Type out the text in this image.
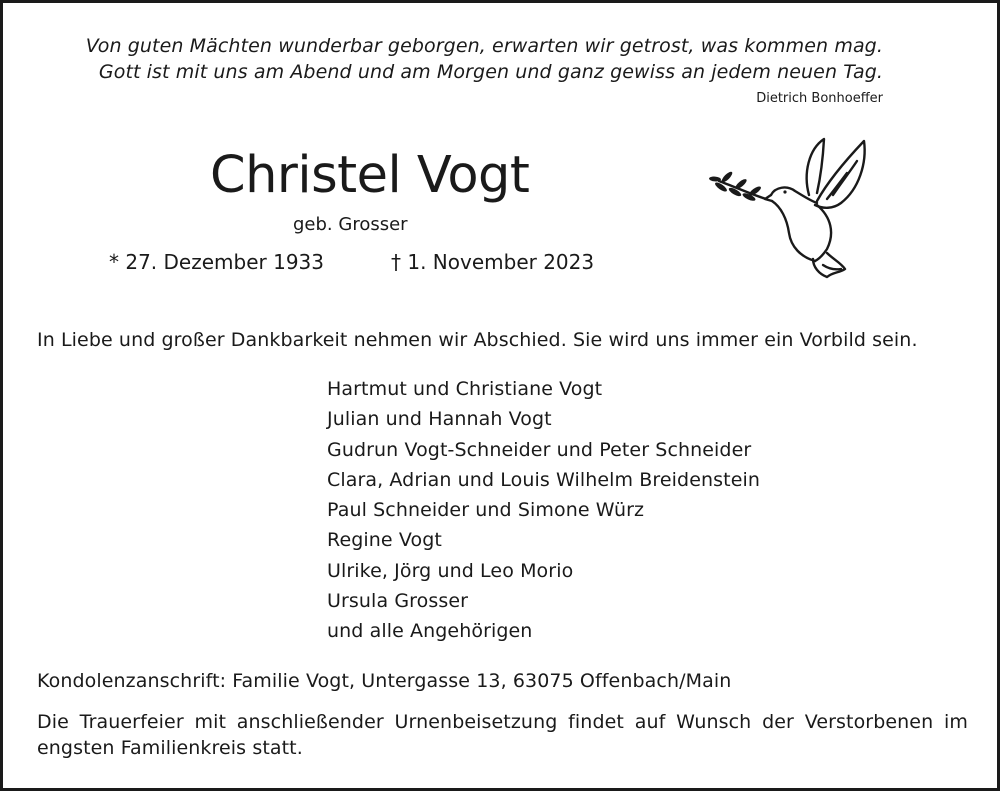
Von guten Mächten wunderbar geborgen, erwarten wir getrost, was kommen mag.
Gott ist mit uns am Abend und am Morgen und ganz gewiss an jedem neuen Tag.
Dietrich Bonhoeffer
Christel Vogt
geb. Grosser
* 27. Dezember 1933	† 1. November 2023
In Liebe und großer Dankbarkeit nehmen wir Abschied. Sie wird uns immer ein Vorbild sein.
Hartmut und Christiane Vogt
Julian und Hannah Vogt
Gudrun Vogt-Schneider und Peter Schneider
Clara, Adrian und Louis Wilhelm Breidenstein
Paul Schneider und Simone Würz
Regine Vogt
Ulrike, Jörg und Leo Morio
Ursula Grosser
und alle Angehörigen
Kondolenzanschrift: Familie Vogt, Untergasse 13, 63075 Offenbach/Main
Die Trauerfeier mit anschließender Urnenbeisetzung findet auf Wunsch der Verstorbenen im engsten Familienkreis statt.
